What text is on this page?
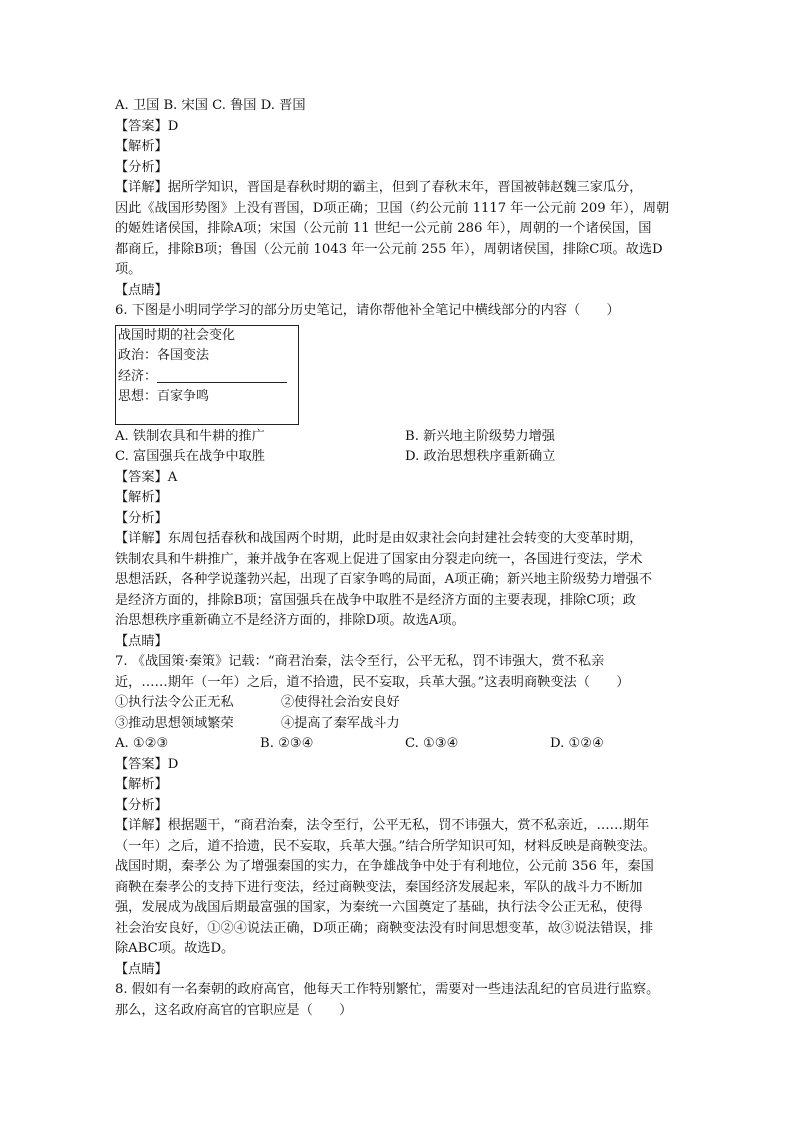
A. 卫国 B. 宋国 C. 鲁国 D. 晋国
【答案】D
【解析】
【分析】
【详解】据所学知识，晋国是春秋时期的霸主，但到了春秋末年，晋国被韩赵魏三家瓜分，
因此《战国形势图》上没有晋国，D项正确；卫国（约公元前 1117 年一公元前 209 年），周朝
的姬姓诸侯国，排除A项；宋国（公元前 11 世纪一公元前 286 年），周朝的一个诸侯国，国
都商丘，排除B项；鲁国（公元前 1043 年一公元前 255 年），周朝诸侯国，排除C项。故选D
项。
【点睛】
6. 下图是小明同学学习的部分历史笔记，请你帮他补全笔记中横线部分的内容（　　）
战国时期的社会变化
政治：各国变法
经济：
思想：百家争鸣
A. 铁制农具和牛耕的推广	B. 新兴地主阶级势力增强
C. 富国强兵在战争中取胜	D. 政治思想秩序重新确立
【答案】A
【解析】
【分析】
【详解】东周包括春秋和战国两个时期，此时是由奴隶社会向封建社会转变的大变革时期，
铁制农具和牛耕推广，兼并战争在客观上促进了国家由分裂走向统一，各国进行变法，学术
思想活跃，各种学说蓬勃兴起，出现了百家争鸣的局面，A项正确；新兴地主阶级势力增强不
是经济方面的，排除B项；富国强兵在战争中取胜不是经济方面的主要表现，排除C项；政
治思想秩序重新确立不是经济方面的，排除D项。故选A项。
【点睛】
7. 《战国策·秦策》记载：“商君治秦，法令至行，公平无私，罚不讳强大，赏不私亲
近，……期年（一年）之后，道不拾遗，民不妄取，兵革大强。”这表明商鞅变法（　　）
①执行法令公正无私	②使得社会治安良好
③推动思想领域繁荣	④提高了秦军战斗力
A. ①②③	B. ②③④	C. ①③④	D. ①②④
【答案】D
【解析】
【分析】
【详解】根据题干，“商君治秦，法令至行，公平无私，罚不讳强大，赏不私亲近，……期年
（一年）之后，道不拾遗，民不妄取，兵革大强。”结合所学知识可知，材料反映是商鞅变法。
战国时期，秦孝公 为了增强秦国的实力，在争雄战争中处于有利地位，公元前 356 年，秦国
商鞅在秦孝公的支持下进行变法，经过商鞅变法，秦国经济发展起来，军队的战斗力不断加
强，发展成为战国后期最富强的国家，为秦统一六国奠定了基础，执行法令公正无私，使得
社会治安良好，①②④说法正确，D项正确；商鞅变法没有时间思想变革，故③说法错误，排
除ABC项。故选D。
【点睛】
8. 假如有一名秦朝的政府高官，他每天工作特别繁忙，需要对一些违法乱纪的官员进行监察。
那么，这名政府高官的官职应是（　　）
